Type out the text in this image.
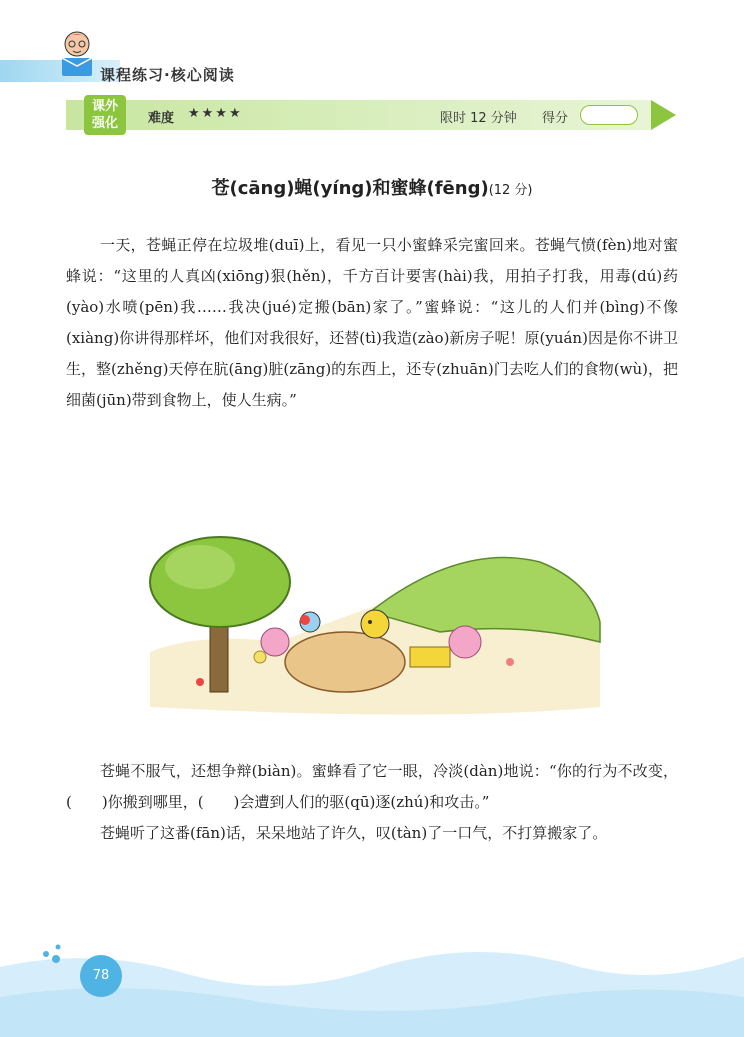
课程练习·核心阅读
课外
强化	难度 ★★★★	限时 12 分钟 得分
苍(cāng)蝇(yíng)和蜜蜂(fēng)(12 分)

一天，苍蝇正停在垃圾堆(duī)上，看见一只小蜜蜂采完蜜回来。苍蝇气愤(fèn)地对蜜蜂说：“这里的人真凶(xiōng)狠(hěn)，千方百计要害(hài)我，用拍子打我，用毒(dú)药(yào)水喷(pēn)我……我决(jué)定搬(bān)家了。”蜜蜂说：“这儿的人们并(bìng)不像(xiàng)你讲得那样坏，他们对我很好，还替(tì)我造(zào)新房子呢！原(yuán)因是你不讲卫生，整(zhěng)天停在肮(āng)脏(zāng)的东西上，还专(zhuān)门去吃人们的食物(wù)，把细菌(jūn)带到食物上，使人生病。”

苍蝇不服气，还想争辩(biàn)。蜜蜂看了它一眼，冷淡(dàn)地说：“你的行为不改变，(　　)你搬到哪里，(　　)会遭到人们的驱(qū)逐(zhú)和攻击。”

苍蝇听了这番(fān)话，呆呆地站了许久，叹(tàn)了一口气，不打算搬家了。

78
